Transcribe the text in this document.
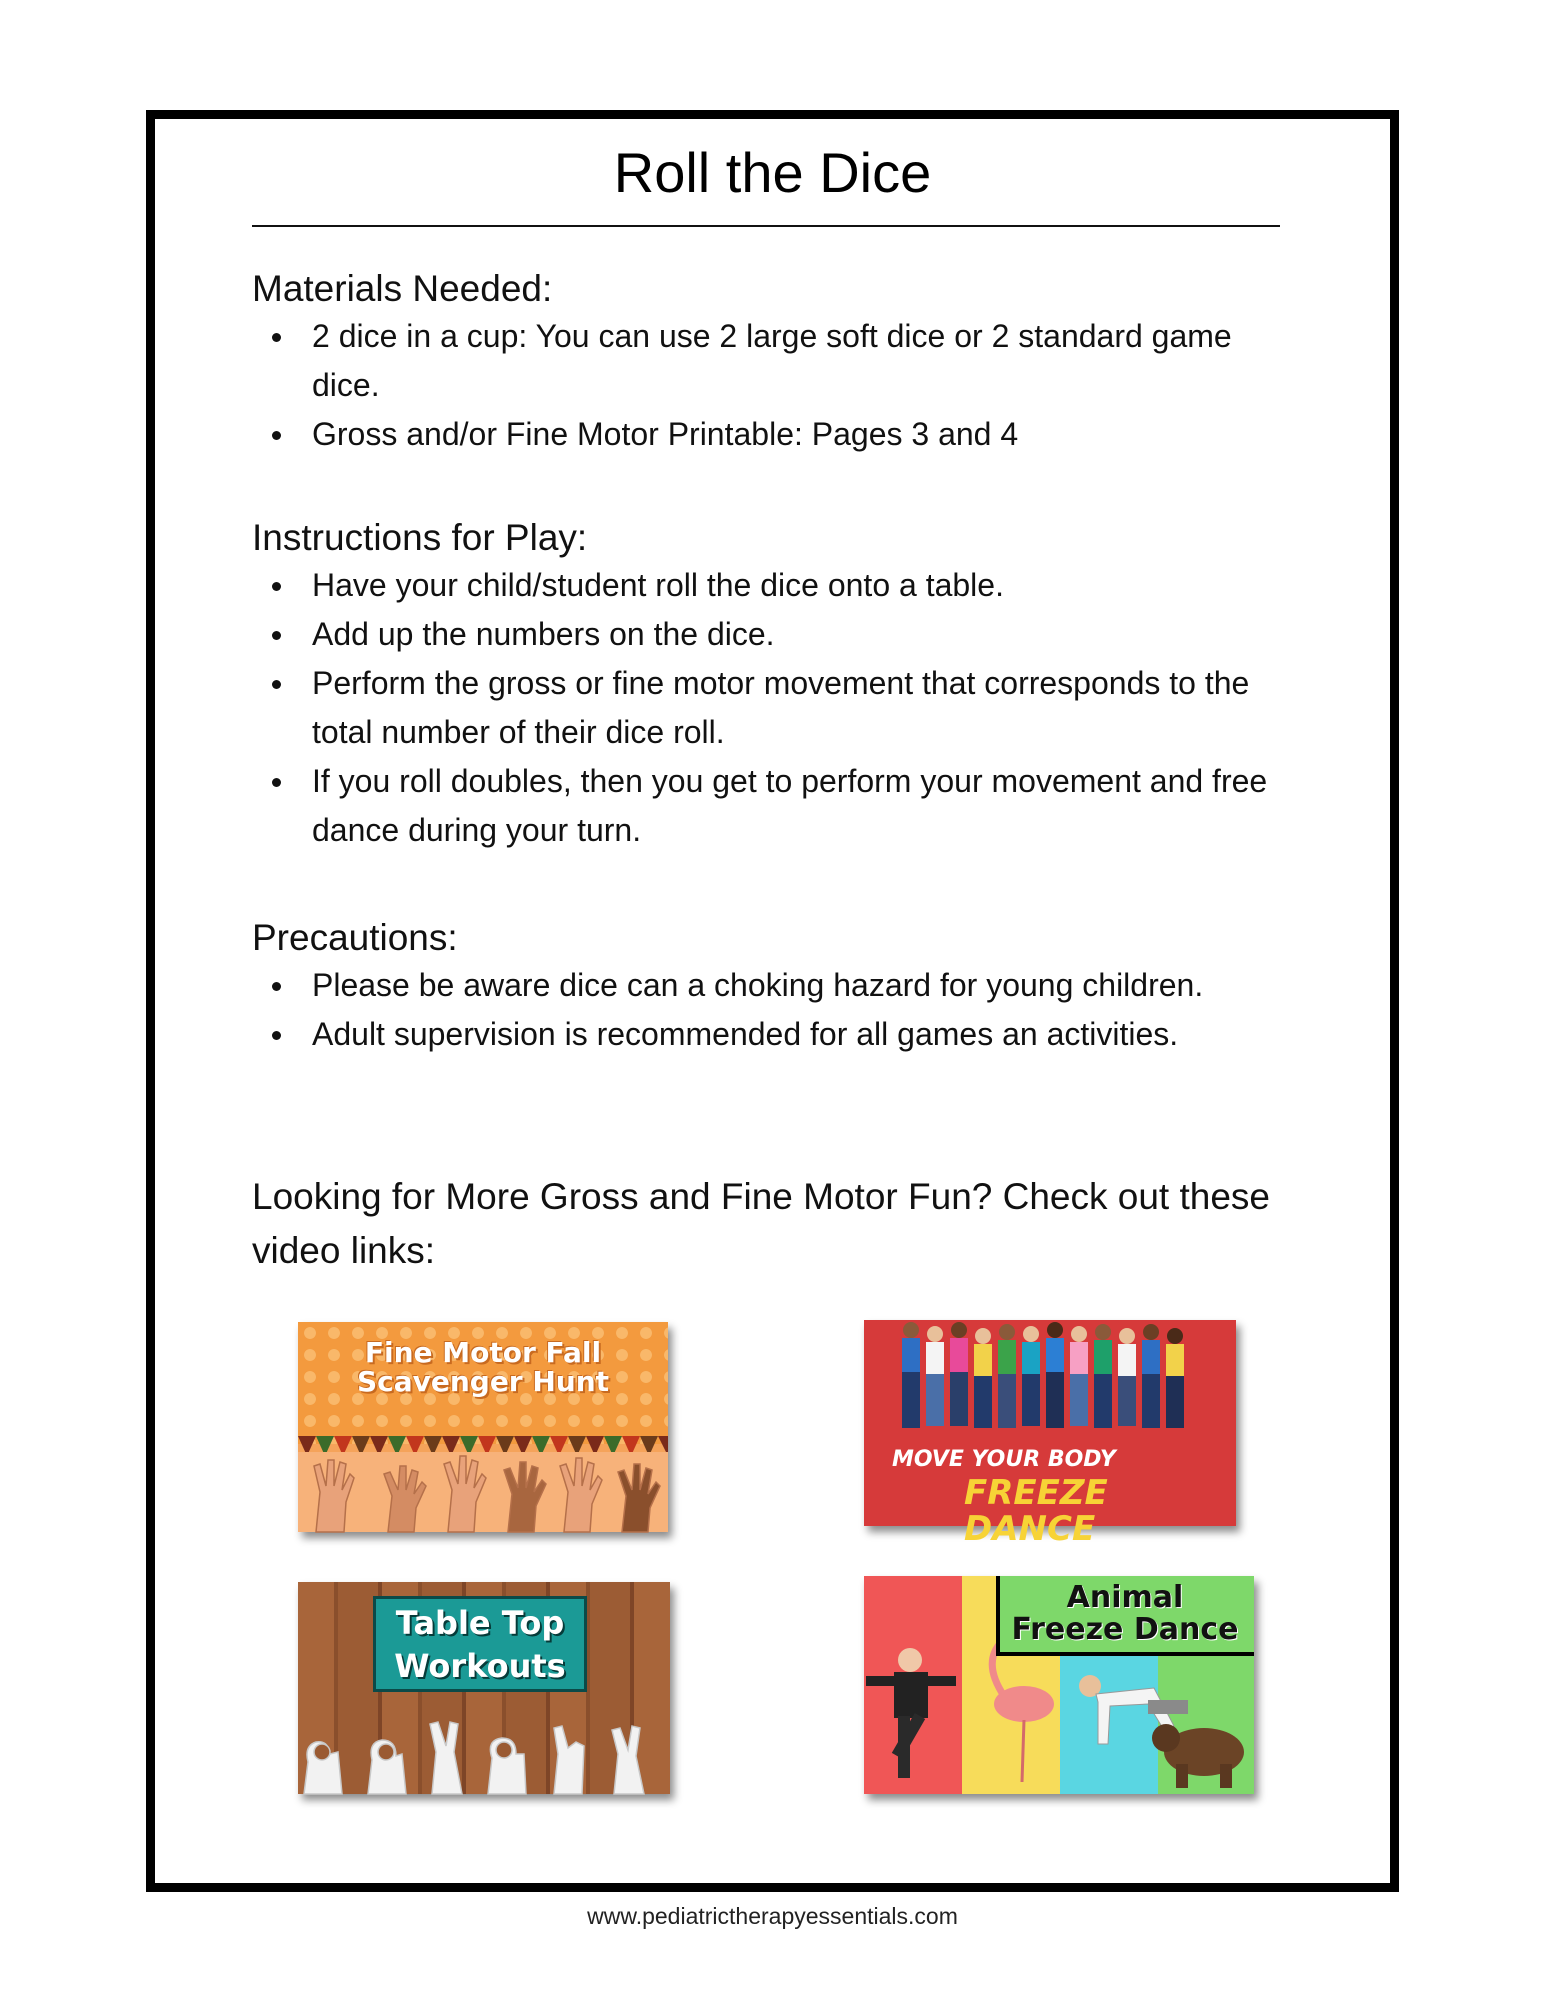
Roll the Dice
Materials Needed:
2 dice in a cup: You can use 2 large soft dice or 2 standard game dice.
Gross and/or Fine Motor Printable: Pages 3 and 4
Instructions for Play:
Have your child/student roll the dice onto a table.
Add up the numbers on the dice.
Perform the gross or fine motor movement that corresponds to the total number of their dice roll.
If you roll doubles, then you get to perform your movement and free dance during your turn.
Precautions:
Please be aware dice can a choking hazard for young children.
Adult supervision is recommended for all games an activities.

Looking for More Gross and Fine Motor Fun? Check out these video links:

Fine Motor Fall
Scavenger Hunt
MOVE YOUR BODY
FREEZE DANCE
Table Top
Workouts
Animal
Freeze Dance
www.pediatrictherapyessentials.com
